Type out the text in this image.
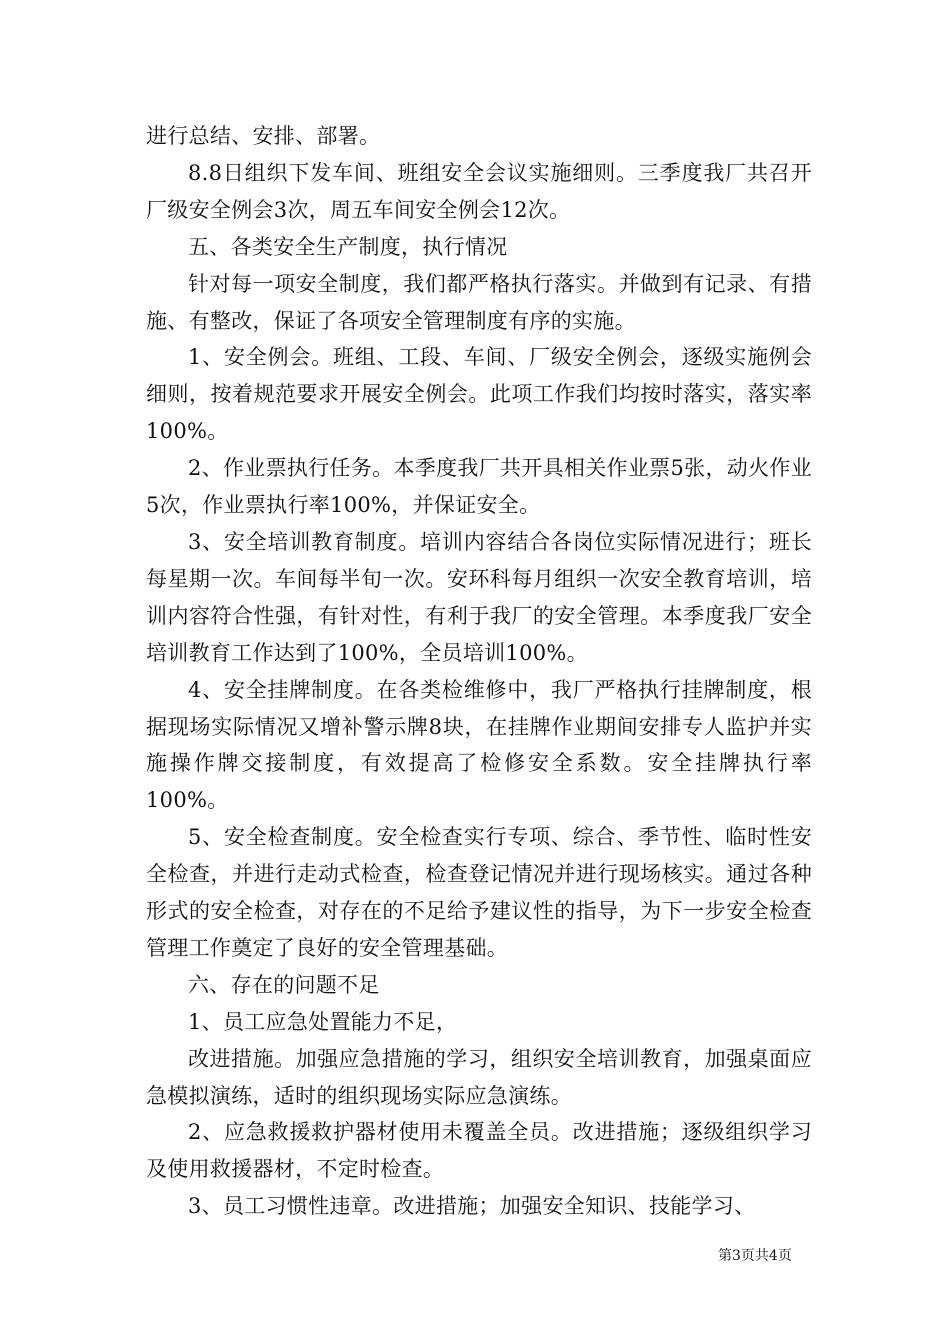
进行总结、安排、部署。

8.8日组织下发车间、班组安全会议实施细则。三季度我厂共召开厂级安全例会3次，周五车间安全例会12次。

五、各类安全生产制度，执行情况

针对每一项安全制度，我们都严格执行落实。并做到有记录、有措施、有整改，保证了各项安全管理制度有序的实施。

1、安全例会。班组、工段、车间、厂级安全例会，逐级实施例会细则，按着规范要求开展安全例会。此项工作我们均按时落实，落实率100%。

2、作业票执行任务。本季度我厂共开具相关作业票5张，动火作业5次，作业票执行率100%，并保证安全。

3、安全培训教育制度。培训内容结合各岗位实际情况进行；班长每星期一次。车间每半旬一次。安环科每月组织一次安全教育培训，培训内容符合性强，有针对性，有利于我厂的安全管理。本季度我厂安全培训教育工作达到了100%，全员培训100%。

4、安全挂牌制度。在各类检维修中，我厂严格执行挂牌制度，根据现场实际情况又增补警示牌8块，在挂牌作业期间安排专人监护并实施操作牌交接制度，有效提高了检修安全系数。安全挂牌执行率100%。

5、安全检查制度。安全检查实行专项、综合、季节性、临时性安全检查，并进行走动式检查，检查登记情况并进行现场核实。通过各种形式的安全检查，对存在的不足给予建议性的指导，为下一步安全检查管理工作奠定了良好的安全管理基础。

六、存在的问题不足

1、员工应急处置能力不足，

改进措施。加强应急措施的学习，组织安全培训教育，加强桌面应急模拟演练，适时的组织现场实际应急演练。

2、应急救援救护器材使用未覆盖全员。改进措施；逐级组织学习及使用救援器材，不定时检查。

3、员工习惯性违章。改进措施；加强安全知识、技能学习、

第3页共4页
